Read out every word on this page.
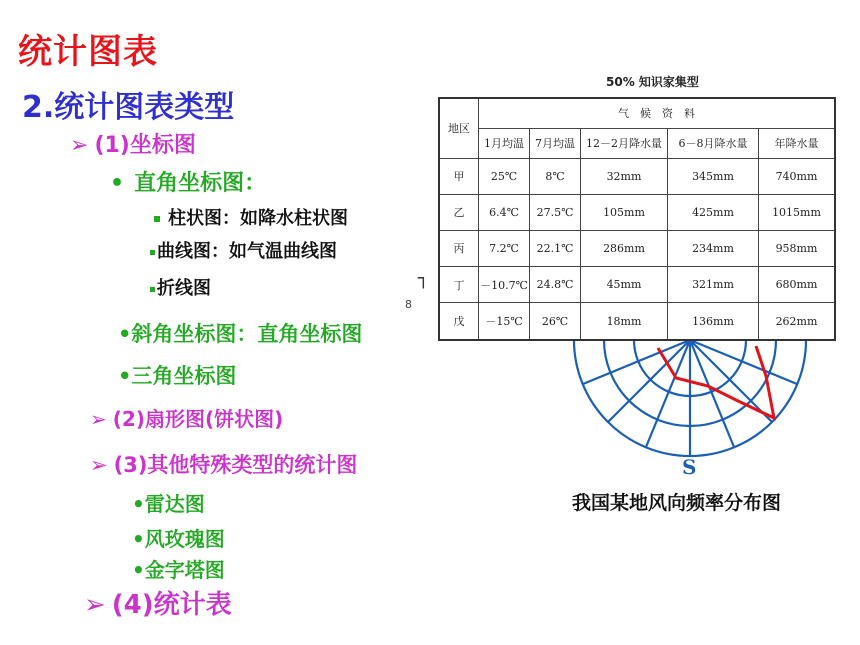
统计图表
2.统计图表类型
➢ (1)坐标图
• 直角坐标图：
柱状图：如降水柱状图
曲线图：如气温曲线图
折线图
•斜角坐标图：直角坐标图
•三角坐标图
➢ (2)扇形图(饼状图)
➢ (3)其他特殊类型的统计图
•雷达图
•风玫瑰图
•金字塔图
➢ (4)统计表
S
我国某地风向频率分布图
50% 知识家集型
┐
8
地区	气　候　资　料				
	1月均温	7月均温	12－2月降水量	6－8月降水量	年降水量
甲	25℃	8℃	32mm	345mm	740mm
乙	6.4℃	27.5℃	105mm	425mm	1015mm
丙	7.2℃	22.1℃	286mm	234mm	958mm
丁	－10.7℃	24.8℃	45mm	321mm	680mm
戊	－15℃	26℃	18mm	136mm	262mm
